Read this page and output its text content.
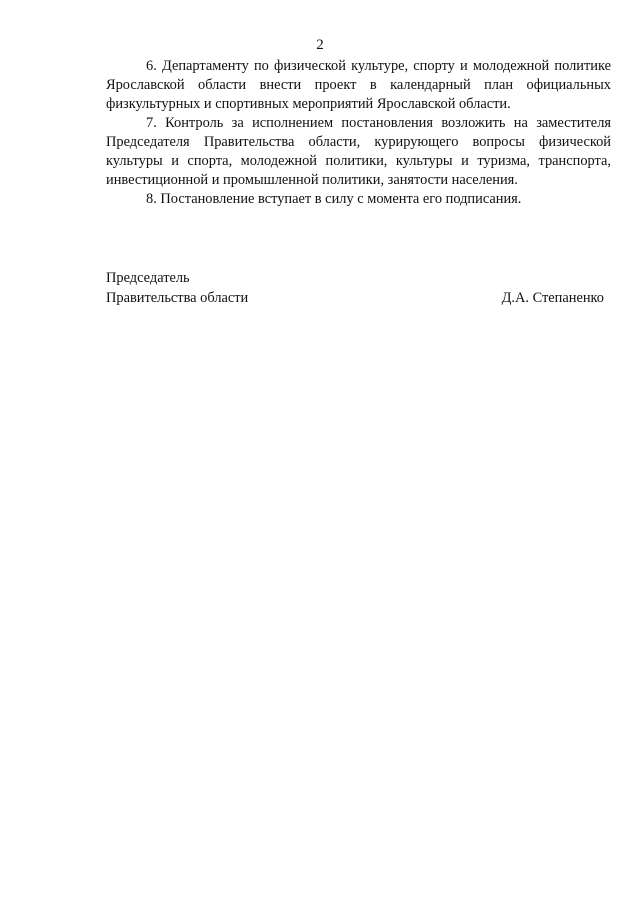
2

6. Департаменту по физической культуре, спорту и молодежной политике Ярославской области внести проект в календарный план официальных физкультурных и спортивных мероприятий Ярославской области.

7. Контроль за исполнением постановления возложить на заместителя Председателя Правительства области, курирующего вопросы физической культуры и спорта, молодежной политики, культуры и туризма, транспорта, инвестиционной и промышленной политики, занятости населения.

8. Постановление вступает в силу с момента его подписания.

Председатель
Правительства области	Д.А. Степаненко
